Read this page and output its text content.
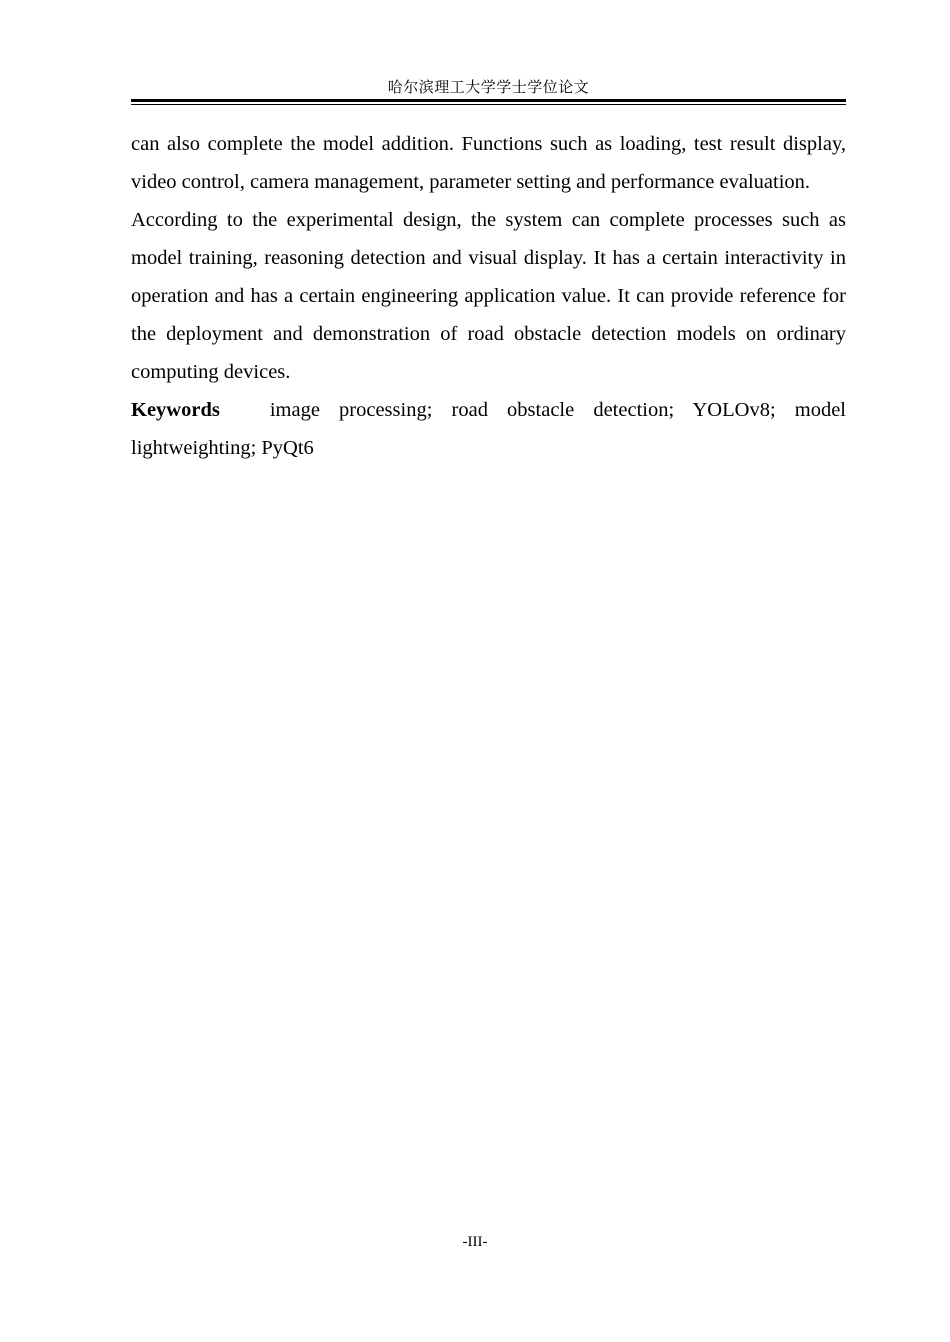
哈尔滨理工大学学士学位论文

can also complete the model addition. Functions such as loading, test result display, video control, camera management, parameter setting and performance evaluation.

According to the experimental design, the system can complete processes such as model training, reasoning detection and visual display. It has a certain interactivity in operation and has a certain engineering application value. It can provide reference for the deployment and demonstration of road obstacle detection models on ordinary computing devices.

Keywords image processing; road obstacle detection; YOLOv8; model lightweighting; PyQt6

-III-
